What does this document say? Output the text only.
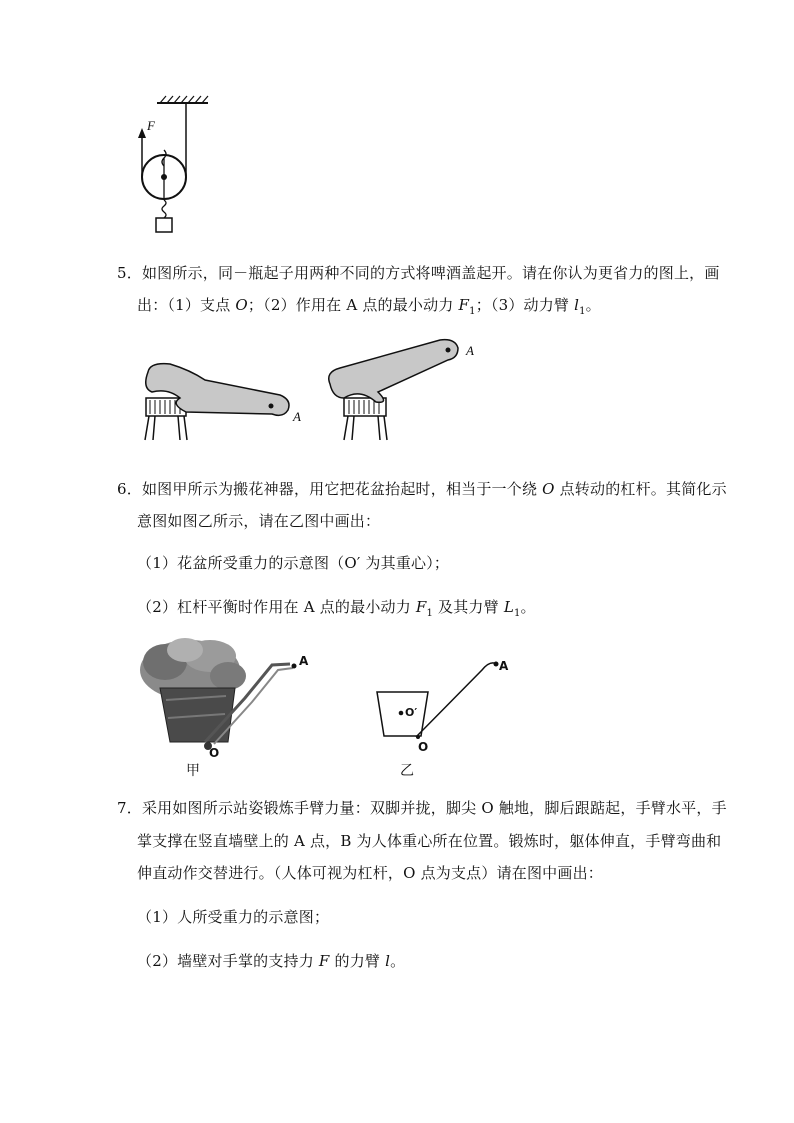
F
5．如图所示，同－瓶起子用两种不同的方式将啤酒盖起开。请在你认为更省力的图上，画
出：（1）支点 O；（2）作用在 A 点的最小动力 $F_1$；（3）动力臂 $l_1$。
A
A
6．如图甲所示为搬花神器，用它把花盆抬起时，相当于一个绕 O 点转动的杠杆。其简化示
意图如图乙所示，请在乙图中画出：
（1）花盆所受重力的示意图（O′ 为其重心）；
（2）杠杆平衡时作用在 A 点的最小动力 $F_1$ 及其力臂 $L_1$。
A
O
甲
A
O′
O
乙
7．采用如图所示站姿锻炼手臂力量：双脚并拢，脚尖 O 触地，脚后跟踮起，手臂水平，手
掌支撑在竖直墙壁上的 A 点，B 为人体重心所在位置。锻炼时，躯体伸直，手臂弯曲和
伸直动作交替进行。（人体可视为杠杆，O 点为支点）请在图中画出：
（1）人所受重力的示意图；
（2）墙壁对手掌的支持力 F 的力臂 l。
